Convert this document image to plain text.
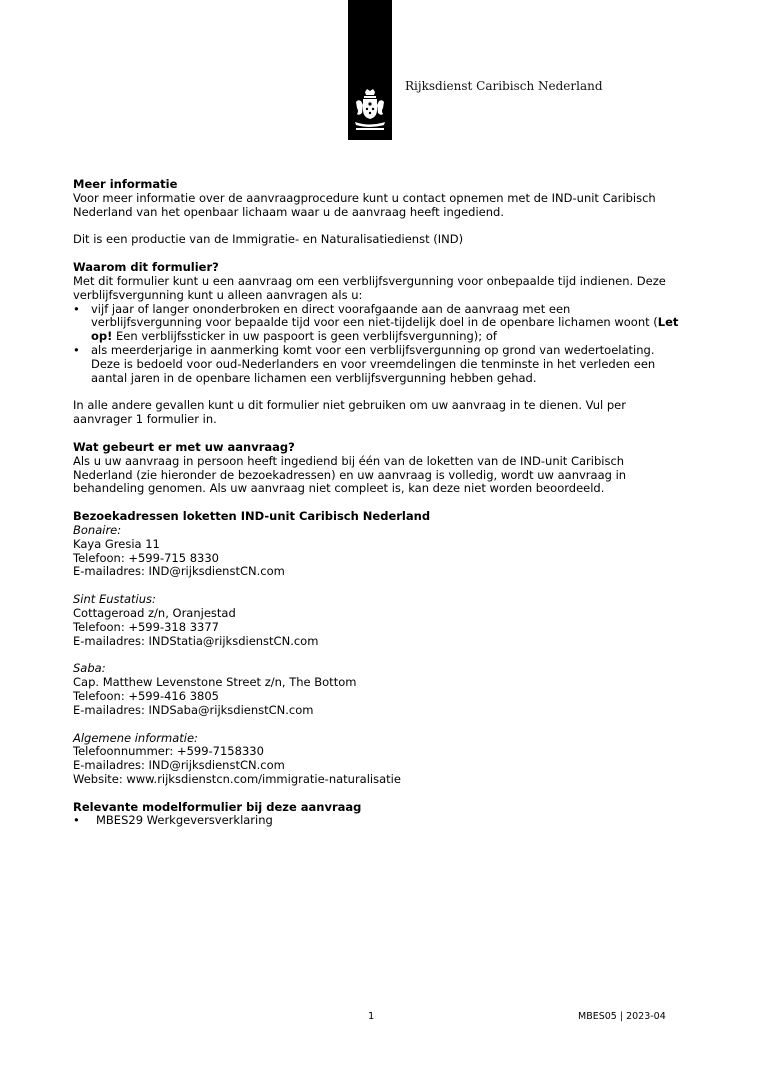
Rijksdienst Caribisch Nederland

Meer informatie

Voor meer informatie over de aanvraagprocedure kunt u contact opnemen met de IND-unit Caribisch Nederland van het openbaar lichaam waar u de aanvraag heeft ingediend.

Dit is een productie van de Immigratie- en Naturalisatiedienst (IND)

Waarom dit formulier?

Met dit formulier kunt u een aanvraag om een verblijfsvergunning voor onbepaalde tijd indienen. Deze verblijfsvergunning kunt u alleen aanvragen als u:

• vijf jaar of langer ononderbroken en direct voorafgaande aan de aanvraag met een verblijfsvergunning voor bepaalde tijd voor een niet-tijdelijk doel in de openbare lichamen woont (Let op! Een verblijfssticker in uw paspoort is geen verblijfsvergunning); of
• als meerderjarige in aanmerking komt voor een verblijfsvergunning op grond van wedertoelating. Deze is bedoeld voor oud-Nederlanders en voor vreemdelingen die tenminste in het verleden een aantal jaren in de openbare lichamen een verblijfsvergunning hebben gehad.

In alle andere gevallen kunt u dit formulier niet gebruiken om uw aanvraag in te dienen. Vul per aanvrager 1 formulier in.

Wat gebeurt er met uw aanvraag?

Als u uw aanvraag in persoon heeft ingediend bij één van de loketten van de IND-unit Caribisch Nederland (zie hieronder de bezoekadressen) en uw aanvraag is volledig, wordt uw aanvraag in behandeling genomen. Als uw aanvraag niet compleet is, kan deze niet worden beoordeeld.

Bezoekadressen loketten IND-unit Caribisch Nederland

Bonaire:

Kaya Gresia 11

Telefoon: +599-715 8330

E-mailadres: IND@rijksdienstCN.com

Sint Eustatius:

Cottageroad z/n, Oranjestad

Telefoon: +599-318 3377

E-mailadres: INDStatia@rijksdienstCN.com

Saba:

Cap. Matthew Levenstone Street z/n, The Bottom

Telefoon: +599-416 3805

E-mailadres: INDSaba@rijksdienstCN.com

Algemene informatie:

Telefoonnummer: +599-7158330

E-mailadres: IND@rijksdienstCN.com

Website: www.rijksdienstcn.com/immigratie-naturalisatie

Relevante modelformulier bij deze aanvraag

• MBES29 Werkgeversverklaring
1	MBES05 | 2023-04
